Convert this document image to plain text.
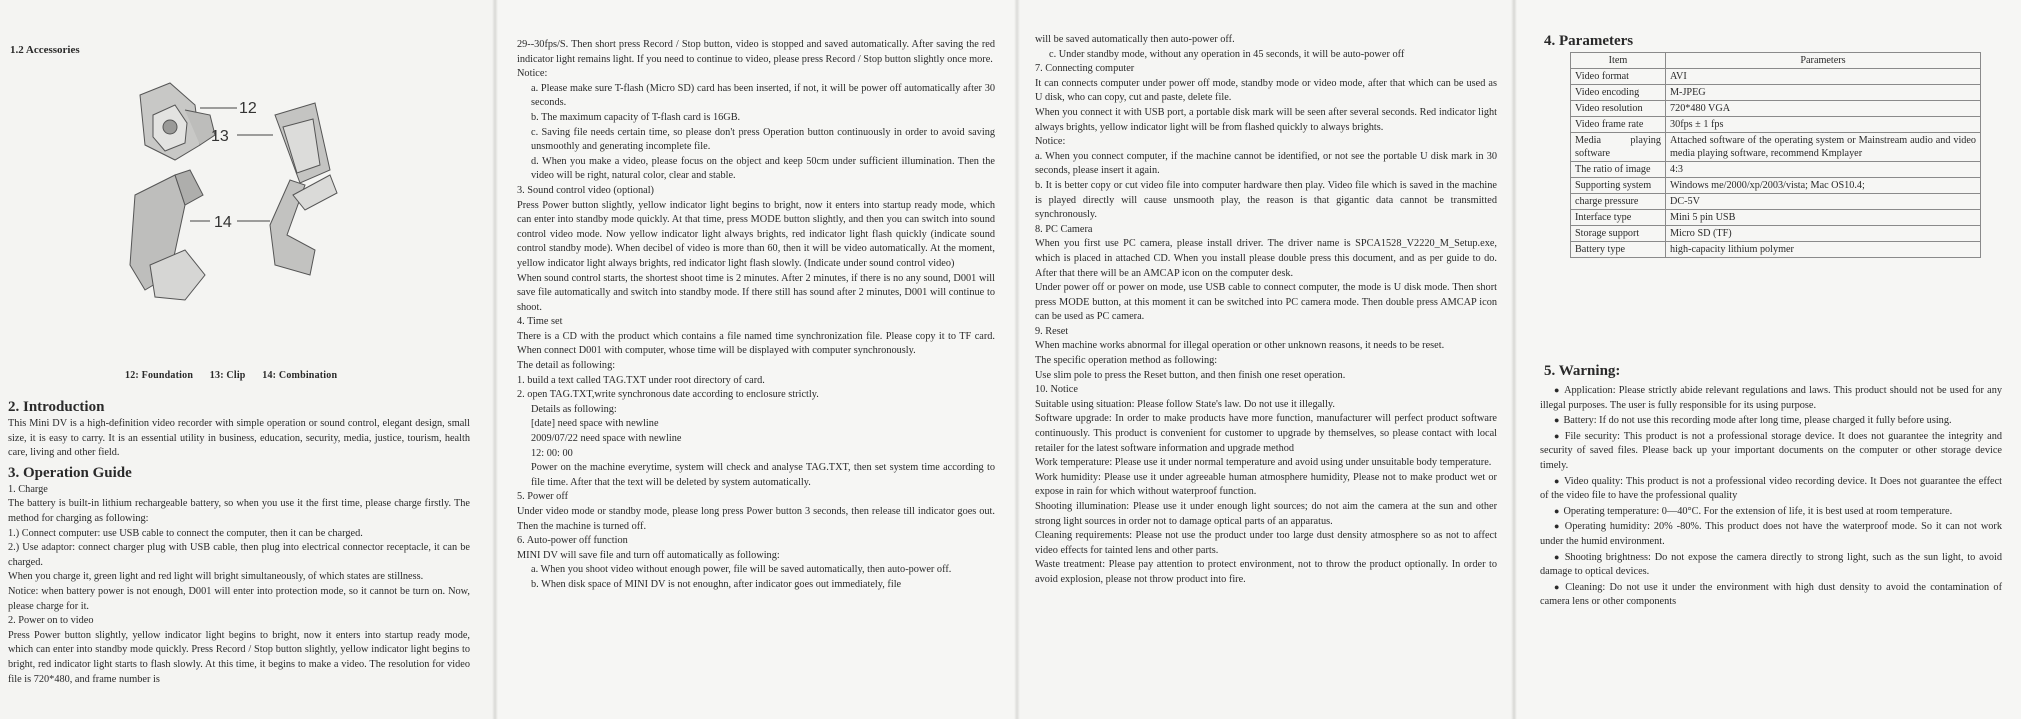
1.2 Accessories
12
13
14
12: Foundation 13: Clip 14: Combination
2. Introduction

This Mini DV is a high-definition video recorder with simple operation or sound control, elegant design, small size, it is easy to carry. It is an essential utility in business, education, security, media, justice, tourism, health care, living and other field.

3. Operation Guide

1. Charge

The battery is built-in lithium rechargeable battery, so when you use it the first time, please charge firstly. The method for charging as following:

1.) Connect computer: use USB cable to connect the computer, then it can be charged.

2.) Use adaptor: connect charger plug with USB cable, then plug into electrical connector receptacle, it can be charged.

When you charge it, green light and red light will bright simultaneously, of which states are stillness.

Notice: when battery power is not enough, D001 will enter into protection mode, so it cannot be turn on. Now, please charge for it.

2. Power on to video

Press Power button slightly, yellow indicator light begins to bright, now it enters into startup ready mode, which can enter into standby mode quickly. Press Record / Stop button slightly, yellow indicator light begins to bright, red indicator light starts to flash slowly. At this time, it begins to make a video. The resolution for video file is 720*480, and frame number is

29--30fps/S. Then short press Record / Stop button, video is stopped and saved automatically. After saving the red indicator light remains light. If you need to continue to video, please press Record / Stop button slightly once more.

Notice:

a. Please make sure T-flash (Micro SD) card has been inserted, if not, it will be power off automatically after 30 seconds.

b. The maximum capacity of T-flash card is 16GB.

c. Saving file needs certain time, so please don't press Operation button continuously in order to avoid saving unsmoothly and generating incomplete file.

d. When you make a video, please focus on the object and keep 50cm under sufficient illumination. Then the video will be right, natural color, clear and stable.

3. Sound control video (optional)

Press Power button slightly, yellow indicator light begins to bright, now it enters into startup ready mode, which can enter into standby mode quickly. At that time, press MODE button slightly, and then you can switch into sound control video mode. Now yellow indicator light always brights, red indicator light flash quickly (indicate sound control standby mode). When decibel of video is more than 60, then it will be video automatically. At the moment, yellow indicator light always brights, red indicator light flash slowly. (Indicate under sound control video)

When sound control starts, the shortest shoot time is 2 minutes. After 2 minutes, if there is no any sound, D001 will save file automatically and switch into standby mode. If there still has sound after 2 minutes, D001 will continue to shoot.

4. Time set

There is a CD with the product which contains a file named time synchronization file. Please copy it to TF card. When connect D001 with computer, whose time will be displayed with computer synchronously.

The detail as following:

1. build a text called TAG.TXT under root directory of card.

2. open TAG.TXT,write synchronous date according to enclosure strictly.

Details as following:

[date] need space with newline

2009/07/22 need space with newline

12: 00: 00

Power on the machine everytime, system will check and analyse TAG.TXT, then set system time according to file time. After that the text will be deleted by system automatically.

5. Power off

Under video mode or standby mode, please long press Power button 3 seconds, then release till indicator goes out. Then the machine is turned off.

6. Auto-power off function

MINI DV will save file and turn off automatically as following:

a. When you shoot video without enough power, file will be saved automatically, then auto-power off.

b. When disk space of MINI DV is not enoughn, after indicator goes out immediately, file

will be saved automatically then auto-power off.

c. Under standby mode, without any operation in 45 seconds, it will be auto-power off

7. Connecting computer

It can connects computer under power off mode, standby mode or video mode, after that which can be used as U disk, who can copy, cut and paste, delete file.

When you connect it with USB port, a portable disk mark will be seen after several seconds. Red indicator light always brights, yellow indicator light will be from flashed quickly to always brights.

Notice:

a. When you connect computer, if the machine cannot be identified, or not see the portable U disk mark in 30 seconds, please insert it again.

b. It is better copy or cut video file into computer hardware then play. Video file which is saved in the machine is played directly will cause unsmooth play, the reason is that gigantic data cannot be transmitted synchronously.

8. PC Camera

When you first use PC camera, please install driver. The driver name is SPCA1528_V2220_M_Setup.exe, which is placed in attached CD. When you install please double press this document, and as per guide to do. After that there will be an AMCAP icon on the computer desk.

Under power off or power on mode, use USB cable to connect computer, the mode is U disk mode. Then short press MODE button, at this moment it can be switched into PC camera mode. Then double press AMCAP icon can be used as PC camera.

9. Reset

When machine works abnormal for illegal operation or other unknown reasons, it needs to be reset.

The specific operation method as following:

Use slim pole to press the Reset button, and then finish one reset operation.

10. Notice

Suitable using situation: Please follow State's law. Do not use it illegally.

Software upgrade: In order to make products have more function, manufacturer will perfect product software continuously. This product is convenient for customer to upgrade by themselves, so please contact with local retailer for the latest software information and upgrade method

Work temperature: Please use it under normal temperature and avoid using under unsuitable body temperature.

Work humidity: Please use it under agreeable human atmosphere humidity, Please not to make product wet or expose in rain for which without waterproof function.

Shooting illumination: Please use it under enough light sources; do not aim the camera at the sun and other strong light sources in order not to damage optical parts of an apparatus.

Cleaning requirements: Please not use the product under too large dust density atmosphere so as not to affect video effects for tainted lens and other parts.

Waste treatment: Please pay attention to protect environment, not to throw the product optionally. In order to avoid explosion, please not throw product into fire.

4. Parameters
Item	Parameters
Video format	AVI
Video encoding	M-JPEG
Video resolution	720*480 VGA
Video frame rate	30fps ± 1 fps
Media playing software	Attached software of the operating system or Mainstream audio and video media playing software, recommend Kmplayer
The ratio of image	4:3
Supporting system	Windows me/2000/xp/2003/vista; Mac OS10.4;
charge pressure	DC-5V
Interface type	Mini 5 pin USB
Storage support	Micro SD (TF)
Battery type	high-capacity lithium polymer
5. Warning:

● Application: Please strictly abide relevant regulations and laws. This product should not be used for any illegal purposes. The user is fully responsible for its using purpose.

● Battery: If do not use this recording mode after long time, please charged it fully before using.

● File security: This product is not a professional storage device. It does not guarantee the integrity and security of saved files. Please back up your important documents on the computer or other storage device timely.

● Video quality: This product is not a professional video recording device. It Does not guarantee the effect of the video file to have the professional quality

● Operating temperature: 0—40°C. For the extension of life, it is best used at room temperature.

● Operating humidity: 20% -80%. This product does not have the waterproof mode. So it can not work under the humid environment.

● Shooting brightness: Do not expose the camera directly to strong light, such as the sun light, to avoid damage to optical devices.

● Cleaning: Do not use it under the environment with high dust density to avoid the contamination of camera lens or other components
